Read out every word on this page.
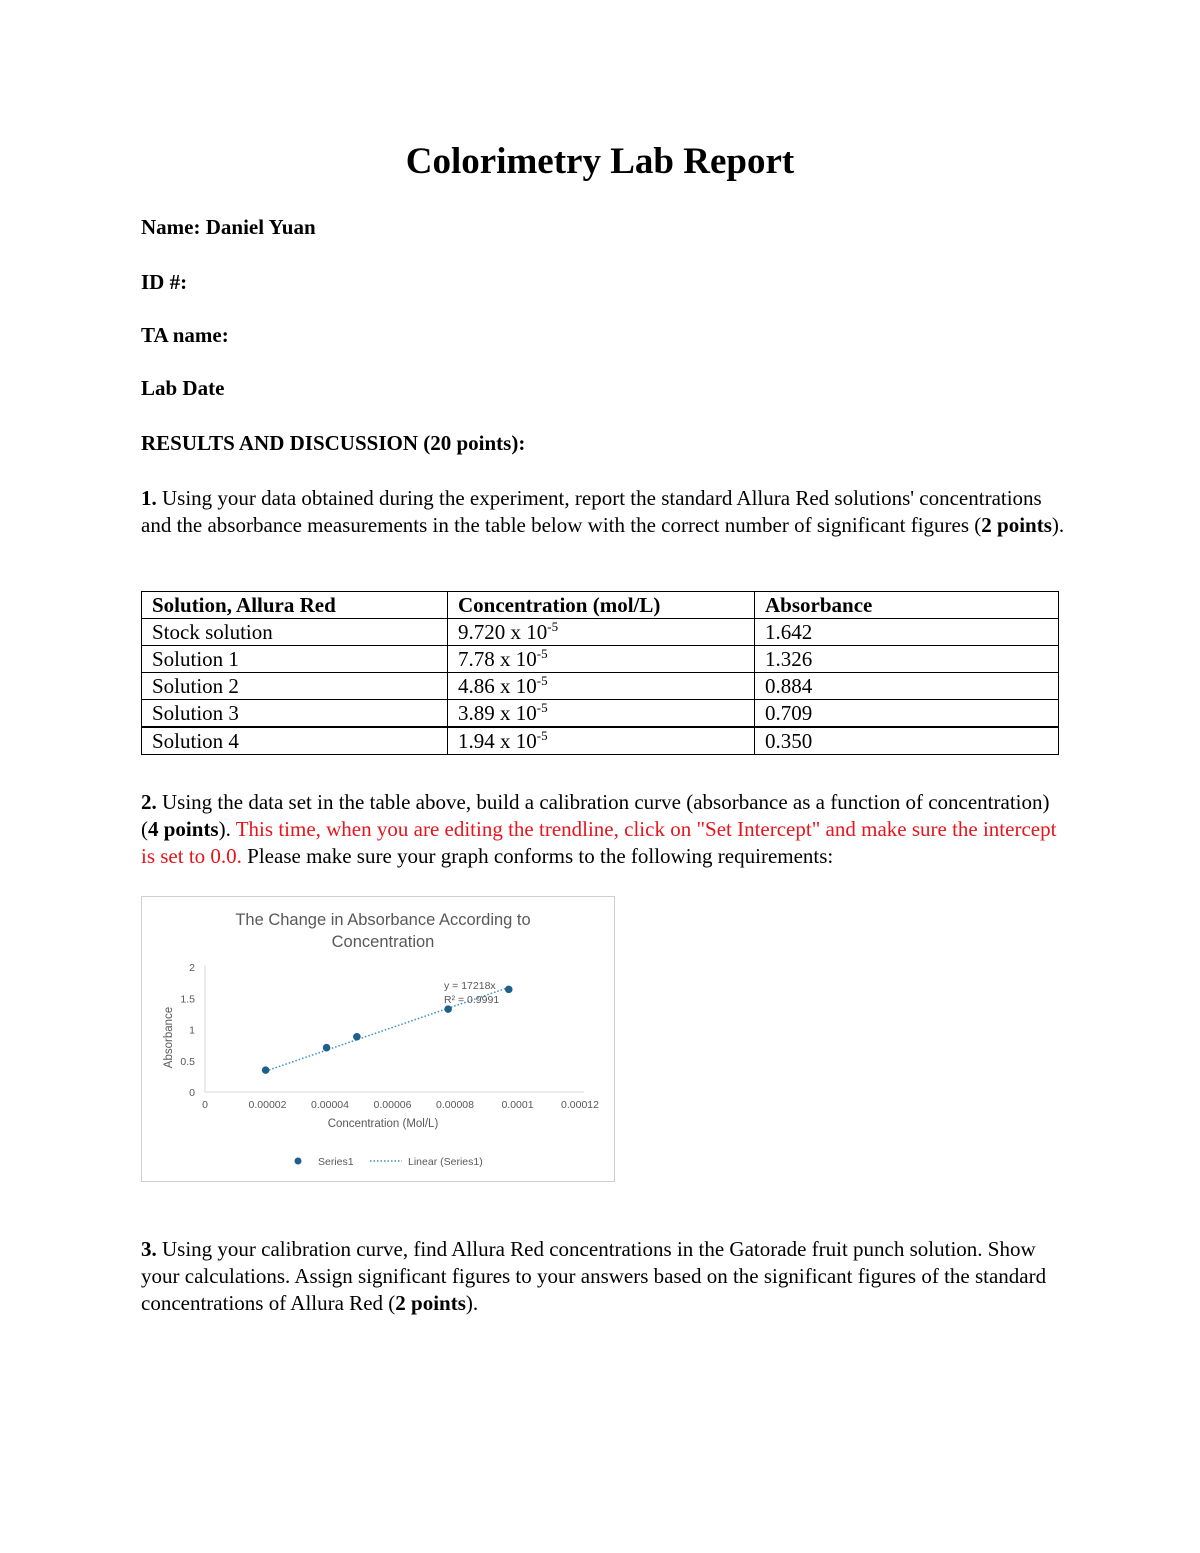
Colorimetry Lab Report
Name: Daniel Yuan
ID #:
TA name:
Lab Date
RESULTS AND DISCUSSION (20 points):
1. Using your data obtained during the experiment, report the standard Allura Red solutions' concentrations and the absorbance measurements in the table below with the correct number of significant figures (2 points).
Solution, Allura Red	Concentration (mol/L)	Absorbance
Stock solution	9.720 x $10^{-5}$	1.642
Solution 1	7.78 x $10^{-5}$	1.326
Solution 2	4.86 x $10^{-5}$	0.884
Solution 3	3.89 x $10^{-5}$	0.709
Solution 4	1.94 x $10^{-5}$	0.350
2. Using the data set in the table above, build a calibration curve (absorbance as a function of concentration) (4 points). This time, when you are editing the trendline, click on "Set Intercept" and make sure the intercept is set to 0.0. Please make sure your graph conforms to the following requirements:
The Change in Absorbance According to
Concentration
0
0.5
1
1.5
2
0	0.00002 0.00004 0.00006 0.00008	0.0001	0.00012
Concentration (Mol/L)
Absorbance
y = 17218x
R² = 0.9991
Series1	Linear (Series1)
3. Using your calibration curve, find Allura Red concentrations in the Gatorade fruit punch solution. Show your calculations. Assign significant figures to your answers based on the significant figures of the standard concentrations of Allura Red (2 points).
